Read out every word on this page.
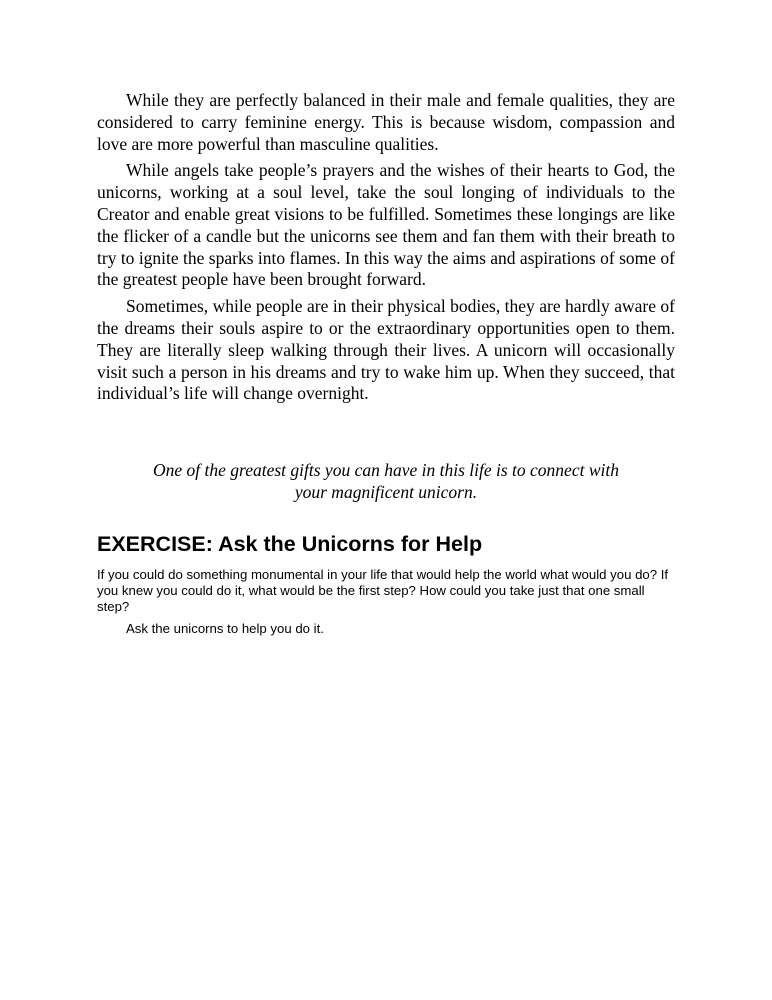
While they are perfectly balanced in their male and female qualities, they are considered to carry feminine energy. This is because wisdom, compassion and love are more powerful than masculine qualities.

While angels take people’s prayers and the wishes of their hearts to God, the unicorns, working at a soul level, take the soul longing of individuals to the Creator and enable great visions to be fulfilled. Sometimes these longings are like the flicker of a candle but the unicorns see them and fan them with their breath to try to ignite the sparks into flames. In this way the aims and aspirations of some of the greatest people have been brought forward.

Sometimes, while people are in their physical bodies, they are hardly aware of the dreams their souls aspire to or the extraordinary opportunities open to them. They are literally sleep walking through their lives. A unicorn will occasionally visit such a person in his dreams and try to wake him up. When they succeed, that individual’s life will change overnight.

One of the greatest gifts you can have in this life is to connect with
your magnificent unicorn.

EXERCISE: Ask the Unicorns for Help

If you could do something monumental in your life that would help the world what would you do? If you knew you could do it, what would be the first step? How could you take just that one small step?

Ask the unicorns to help you do it.
